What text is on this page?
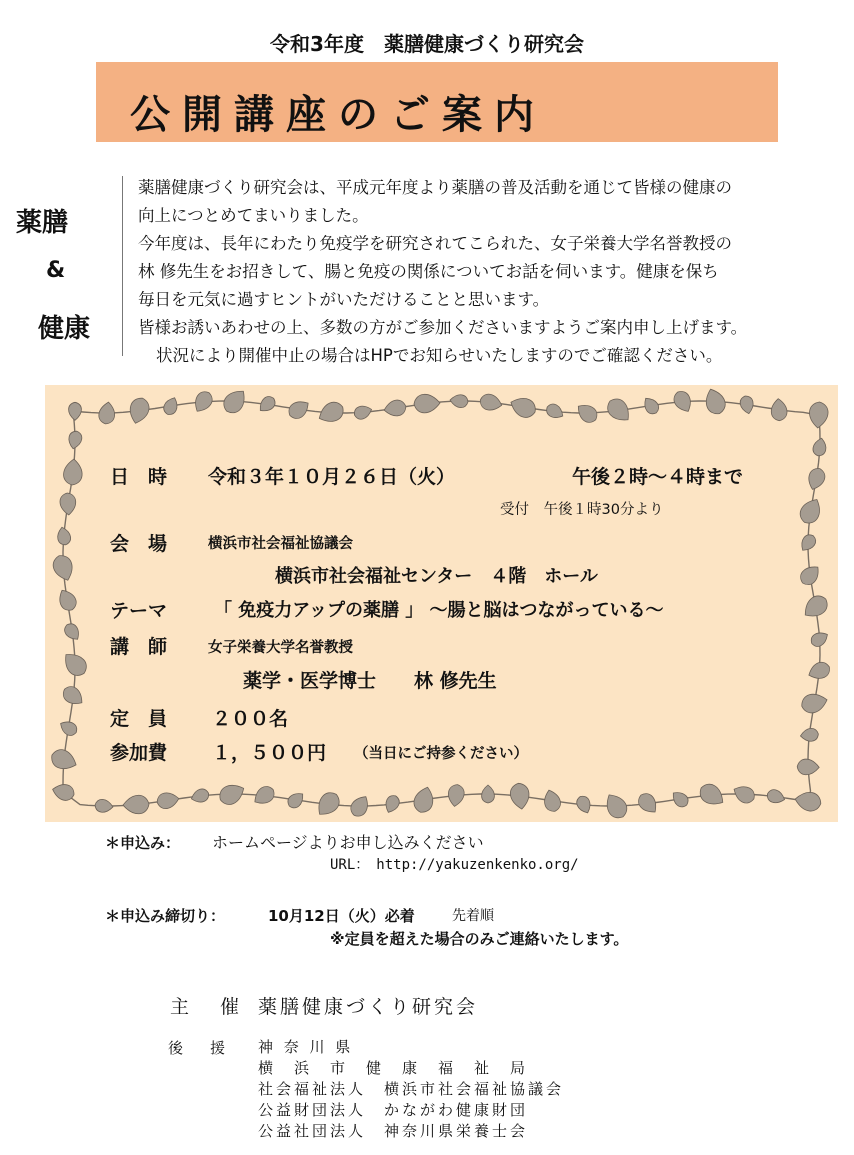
令和3年度　薬膳健康づくり研究会
公開講座のご案内
薬膳
&
健康
薬膳健康づくり研究会は、平成元年度より薬膳の普及活動を通じて皆様の健康の
向上につとめてまいりました。
今年度は、長年にわたり免疫学を研究されてこられた、女子栄養大学名誉教授の
林 修先生をお招きして、腸と免疫の関係についてお話を伺います。健康を保ち
毎日を元気に過すヒントがいただけることと思います。
皆様お誘いあわせの上、多数の方がご参加くださいますようご案内申し上げます。
状況により開催中止の場合はHPでお知らせいたしますのでご確認ください。
日　時 令和３年１０月２６日（火）	午後２時～４時まで
受付　午後１時30分より
会　場	横浜市社会福祉協議会
横浜市社会福祉センター　４階　ホール
テーマ	「 免疫力アップの薬膳 」 ～腸と脳はつながっている～
講　師	女子栄養大学名誉教授
薬学・医学博士　　林 修先生
定　員 ２００名
参加費 １，５００円 （当日にご持参ください）
＊申込み： ホームページよりお申し込みください
URL：　http://yakuzenkenko.org/
＊申込み締切り：	10月12日（火）必着	先着順
※定員を超えた場合のみご連絡いたします。
主　催 薬膳健康づくり研究会
後　援 神 奈 川 県
横　浜　市　健　康　福　祉　局
社会福祉法人　横浜市社会福祉協議会
公益財団法人　かながわ健康財団
公益社団法人　神奈川県栄養士会
